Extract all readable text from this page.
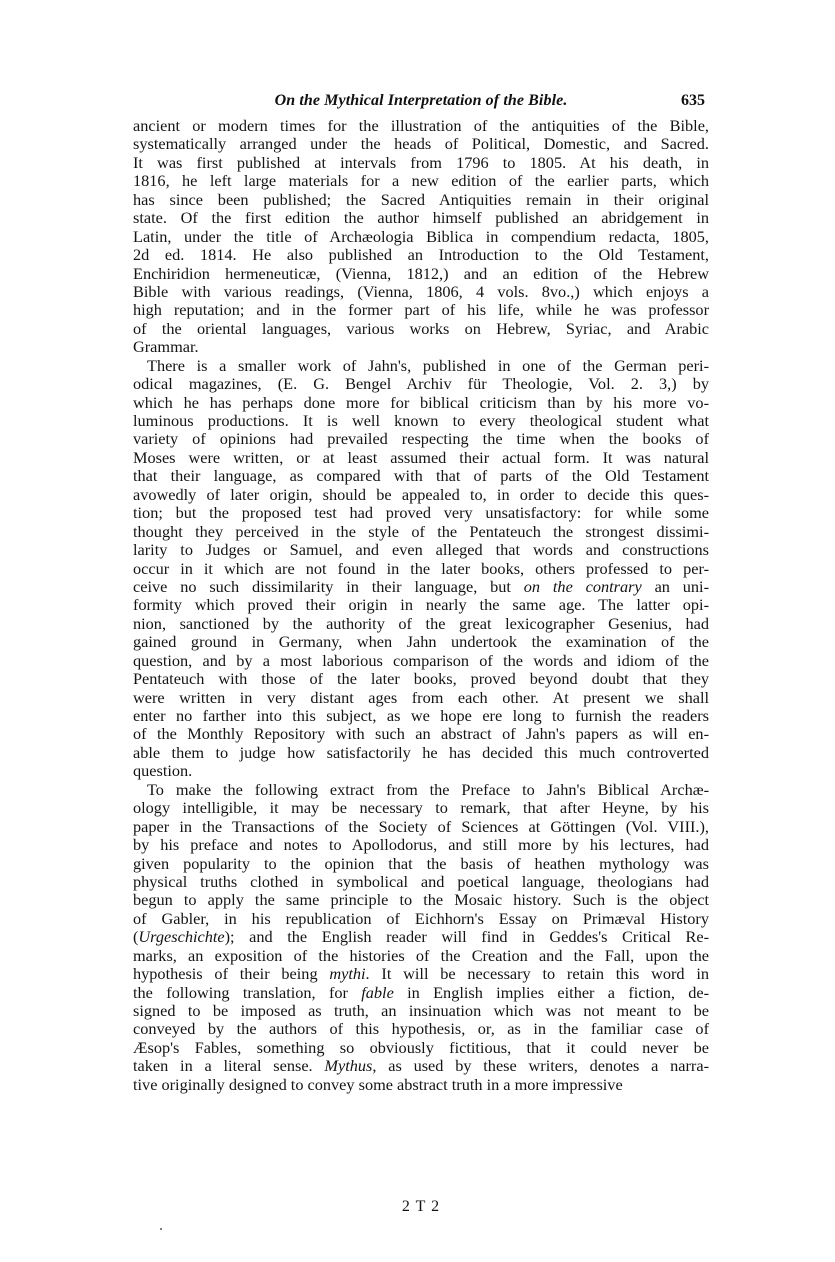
On the Mythical Interpretation of the Bible.	635
ancient or modern times for the illustration of the antiquities of the Bible,
systematically arranged under the heads of Political, Domestic, and Sacred.
It was first published at intervals from 1796 to 1805. At his death, in
1816, he left large materials for a new edition of the earlier parts, which
has since been published; the Sacred Antiquities remain in their original
state. Of the first edition the author himself published an abridgement in
Latin, under the title of Archæologia Biblica in compendium redacta, 1805,
2d ed. 1814. He also published an Introduction to the Old Testament,
Enchiridion hermeneuticæ, (Vienna, 1812,) and an edition of the Hebrew
Bible with various readings, (Vienna, 1806, 4 vols. 8vo.,) which enjoys a
high reputation; and in the former part of his life, while he was professor
of the oriental languages, various works on Hebrew, Syriac, and Arabic
Grammar.
There is a smaller work of Jahn's, published in one of the German peri-
odical magazines, (E. G. Bengel Archiv für Theologie, Vol. 2. 3,) by
which he has perhaps done more for biblical criticism than by his more vo-
luminous productions. It is well known to every theological student what
variety of opinions had prevailed respecting the time when the books of
Moses were written, or at least assumed their actual form. It was natural
that their language, as compared with that of parts of the Old Testament
avowedly of later origin, should be appealed to, in order to decide this ques-
tion; but the proposed test had proved very unsatisfactory: for while some
thought they perceived in the style of the Pentateuch the strongest dissimi-
larity to Judges or Samuel, and even alleged that words and constructions
occur in it which are not found in the later books, others professed to per-
ceive no such dissimilarity in their language, but on the contrary an uni-
formity which proved their origin in nearly the same age. The latter opi-
nion, sanctioned by the authority of the great lexicographer Gesenius, had
gained ground in Germany, when Jahn undertook the examination of the
question, and by a most laborious comparison of the words and idiom of the
Pentateuch with those of the later books, proved beyond doubt that they
were written in very distant ages from each other. At present we shall
enter no farther into this subject, as we hope ere long to furnish the readers
of the Monthly Repository with such an abstract of Jahn's papers as will en-
able them to judge how satisfactorily he has decided this much controverted
question.
To make the following extract from the Preface to Jahn's Biblical Archæ-
ology intelligible, it may be necessary to remark, that after Heyne, by his
paper in the Transactions of the Society of Sciences at Göttingen (Vol. VIII.),
by his preface and notes to Apollodorus, and still more by his lectures, had
given popularity to the opinion that the basis of heathen mythology was
physical truths clothed in symbolical and poetical language, theologians had
begun to apply the same principle to the Mosaic history. Such is the object
of Gabler, in his republication of Eichhorn's Essay on Primæval History
(Urgeschichte); and the English reader will find in Geddes's Critical Re-
marks, an exposition of the histories of the Creation and the Fall, upon the
hypothesis of their being mythi. It will be necessary to retain this word in
the following translation, for fable in English implies either a fiction, de-
signed to be imposed as truth, an insinuation which was not meant to be
conveyed by the authors of this hypothesis, or, as in the familiar case of
Æsop's Fables, something so obviously fictitious, that it could never be
taken in a literal sense. Mythus, as used by these writers, denotes a narra-
tive originally designed to convey some abstract truth in a more impressive
2 T 2
